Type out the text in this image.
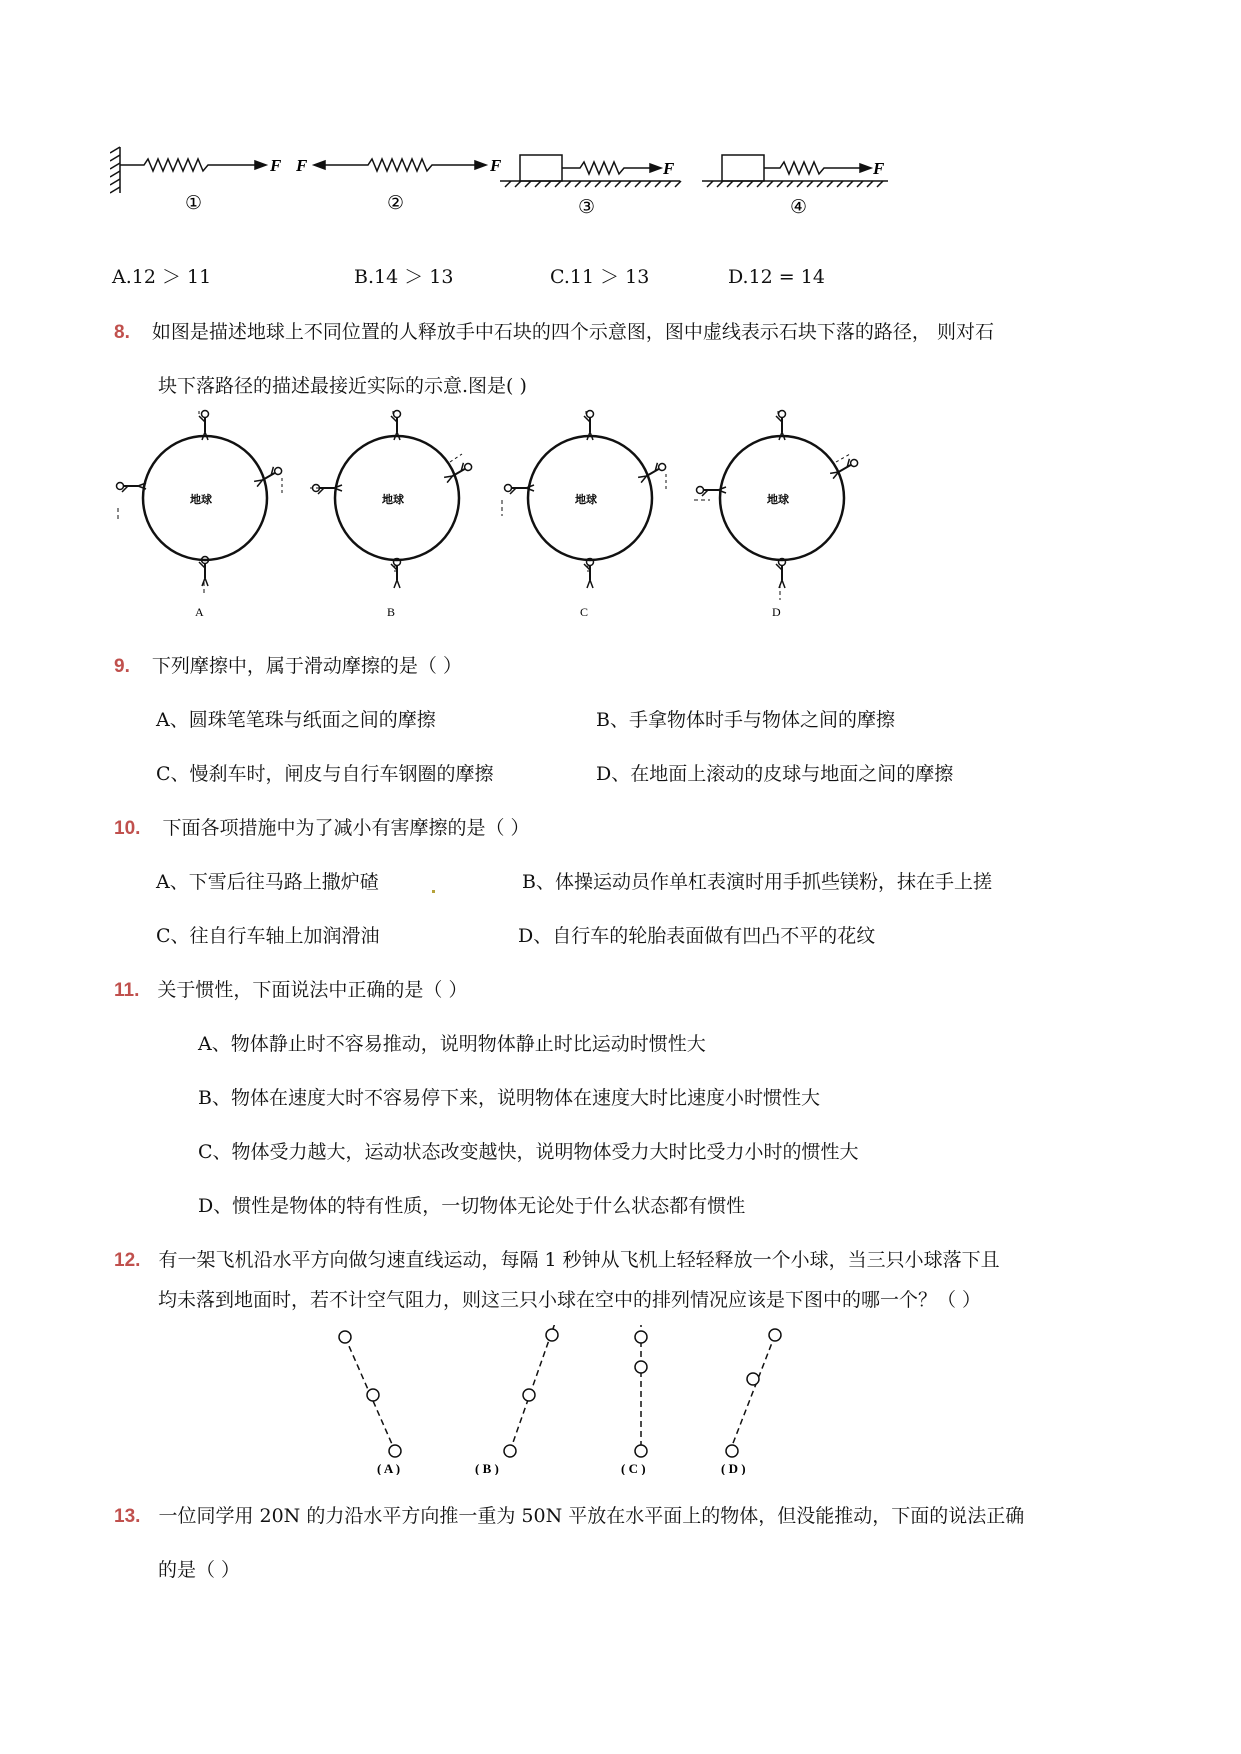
F
①
F	F
②
F
③
F
④
A.12 ＞ 11	B.14 ＞ 13	C.11 ＞ 13	D.12 = 14
8. 如图是描述地球上不同位置的人释放手中石块的四个示意图，图中虚线表示石块下落的路径， 则对石
块下落路径的描述最接近实际的示意.图是( )
地球
A
地球
B
地球
C
地球
D
9. 下列摩擦中，属于滑动摩擦的是（ ）
A、圆珠笔笔珠与纸面之间的摩擦	B、手拿物体时手与物体之间的摩擦
C、慢刹车时，闸皮与自行车钢圈的摩擦	D、在地面上滚动的皮球与地面之间的摩擦
10. 下面各项措施中为了减小有害摩擦的是（ ）
A、下雪后往马路上撒炉碴	B、体操运动员作单杠表演时用手抓些镁粉，抹在手上搓
C、往自行车轴上加润滑油	D、自行车的轮胎表面做有凹凸不平的花纹
11. 关于惯性，下面说法中正确的是（ ）
A、物体静止时不容易推动，说明物体静止时比运动时惯性大
B、物体在速度大时不容易停下来，说明物体在速度大时比速度小时惯性大
C、物体受力越大，运动状态改变越快，说明物体受力大时比受力小时的惯性大
D、惯性是物体的特有性质，一切物体无论处于什么状态都有惯性
12. 有一架飞机沿水平方向做匀速直线运动，每隔 1 秒钟从飞机上轻轻释放一个小球，当三只小球落下且
均未落到地面时，若不计空气阻力，则这三只小球在空中的排列情况应该是下图中的哪一个？（ ）
( A )	( B )	( C )	( D )
13. 一位同学用 20N 的力沿水平方向推一重为 50N 平放在水平面上的物体，但没能推动，下面的说法正确
的是（ ）
